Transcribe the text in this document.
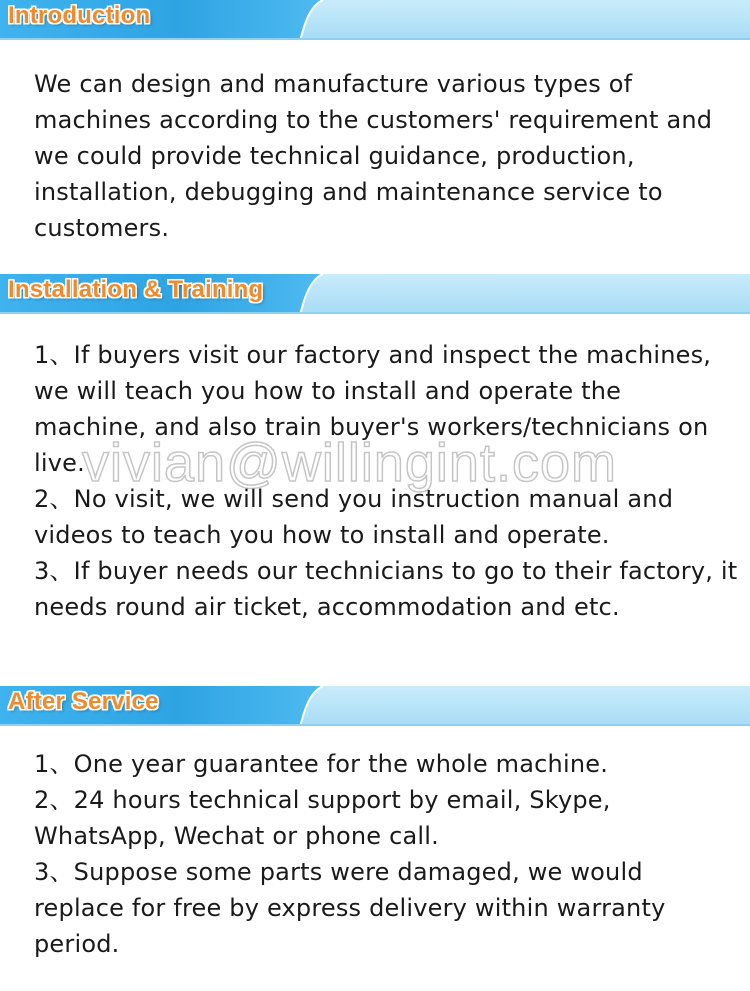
Introduction

We can design and manufacture various types of machines according to the customers' requirement and we could provide technical guidance, production, installation, debugging and maintenance service to customers.

Installation & Training

1、If buyers visit our factory and inspect the machines, we will teach you how to install and operate the machine, and also train buyer's workers/technicians on live.

2、No visit, we will send you instruction manual and videos to teach you how to install and operate.

3、If buyer needs our technicians to go to their factory, it needs round air ticket, accommodation and etc.

vivian@willingint.com
After Service

1、One year guarantee for the whole machine.

2、24 hours technical support by email, Skype, WhatsApp, Wechat or phone call.

3、Suppose some parts were damaged, we would replace for free by express delivery within warranty period.
